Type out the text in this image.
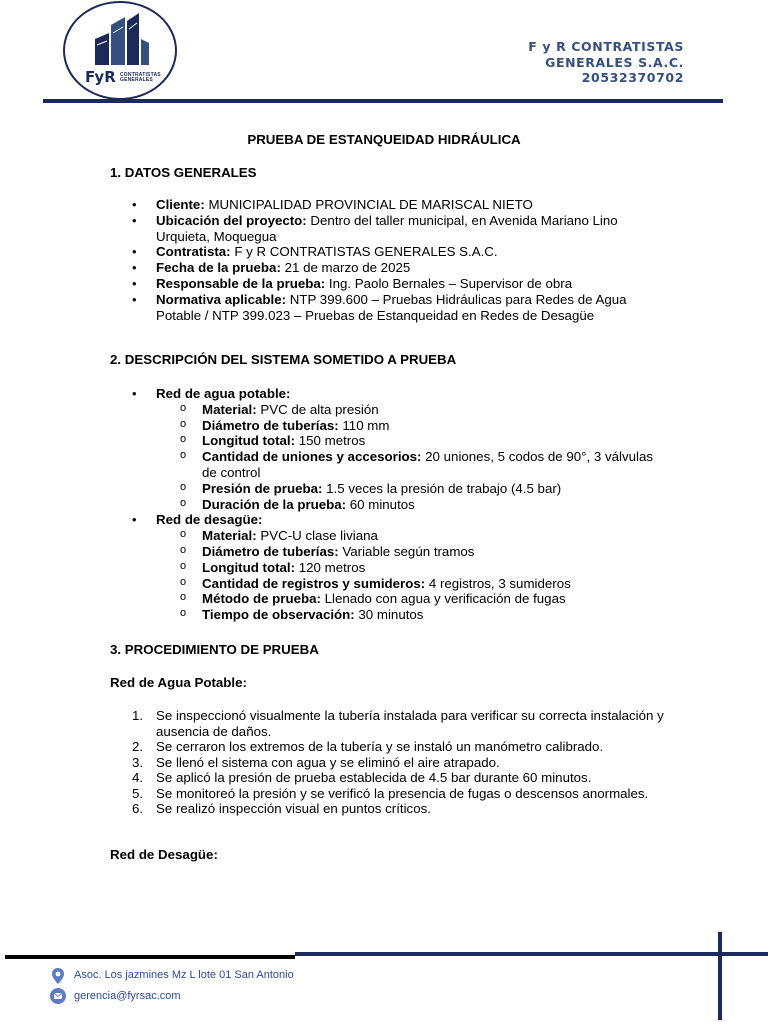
FyR CONTRATISTAS GENERALES
F y R CONTRATISTAS
GENERALES S.A.C.
20532370702
PRUEBA DE ESTANQUEIDAD HIDRÁULICA
1. DATOS GENERALES
• Cliente: MUNICIPALIDAD PROVINCIAL DE MARISCAL NIETO
• Ubicación del proyecto: Dentro del taller municipal, en Avenida Mariano Lino Urquieta, Moquegua
• Contratista: F y R CONTRATISTAS GENERALES S.A.C.
• Fecha de la prueba: 21 de marzo de 2025
• Responsable de la prueba: Ing. Paolo Bernales – Supervisor de obra
• Normativa aplicable: NTP 399.600 – Pruebas Hidráulicas para Redes de Agua Potable / NTP 399.023 – Pruebas de Estanqueidad en Redes de Desagüe
2. DESCRIPCIÓN DEL SISTEMA SOMETIDO A PRUEBA
• Red de agua potable:
o Material: PVC de alta presión
o Diámetro de tuberías: 110 mm
o Longitud total: 150 metros
o Cantidad de uniones y accesorios: 20 uniones, 5 codos de 90°, 3 válvulas de control
o Presión de prueba: 1.5 veces la presión de trabajo (4.5 bar)
o Duración de la prueba: 60 minutos
• Red de desagüe:
o Material: PVC-U clase liviana
o Diámetro de tuberías: Variable según tramos
o Longitud total: 120 metros
o Cantidad de registros y sumideros: 4 registros, 3 sumideros
o Método de prueba: Llenado con agua y verificación de fugas
o Tiempo de observación: 30 minutos
3. PROCEDIMIENTO DE PRUEBA
Red de Agua Potable:
1. Se inspeccionó visualmente la tubería instalada para verificar su correcta instalación y ausencia de daños.
2. Se cerraron los extremos de la tubería y se instaló un manómetro calibrado.
3. Se llenó el sistema con agua y se eliminó el aire atrapado.
4. Se aplicó la presión de prueba establecida de 4.5 bar durante 60 minutos.
5. Se monitoreó la presión y se verificó la presencia de fugas o descensos anormales.
6. Se realizó inspección visual en puntos críticos.
Red de Desagüe:
Asoc. Los jazmines Mz L lote 01 San Antonio
gerencia@fyrsac.com
